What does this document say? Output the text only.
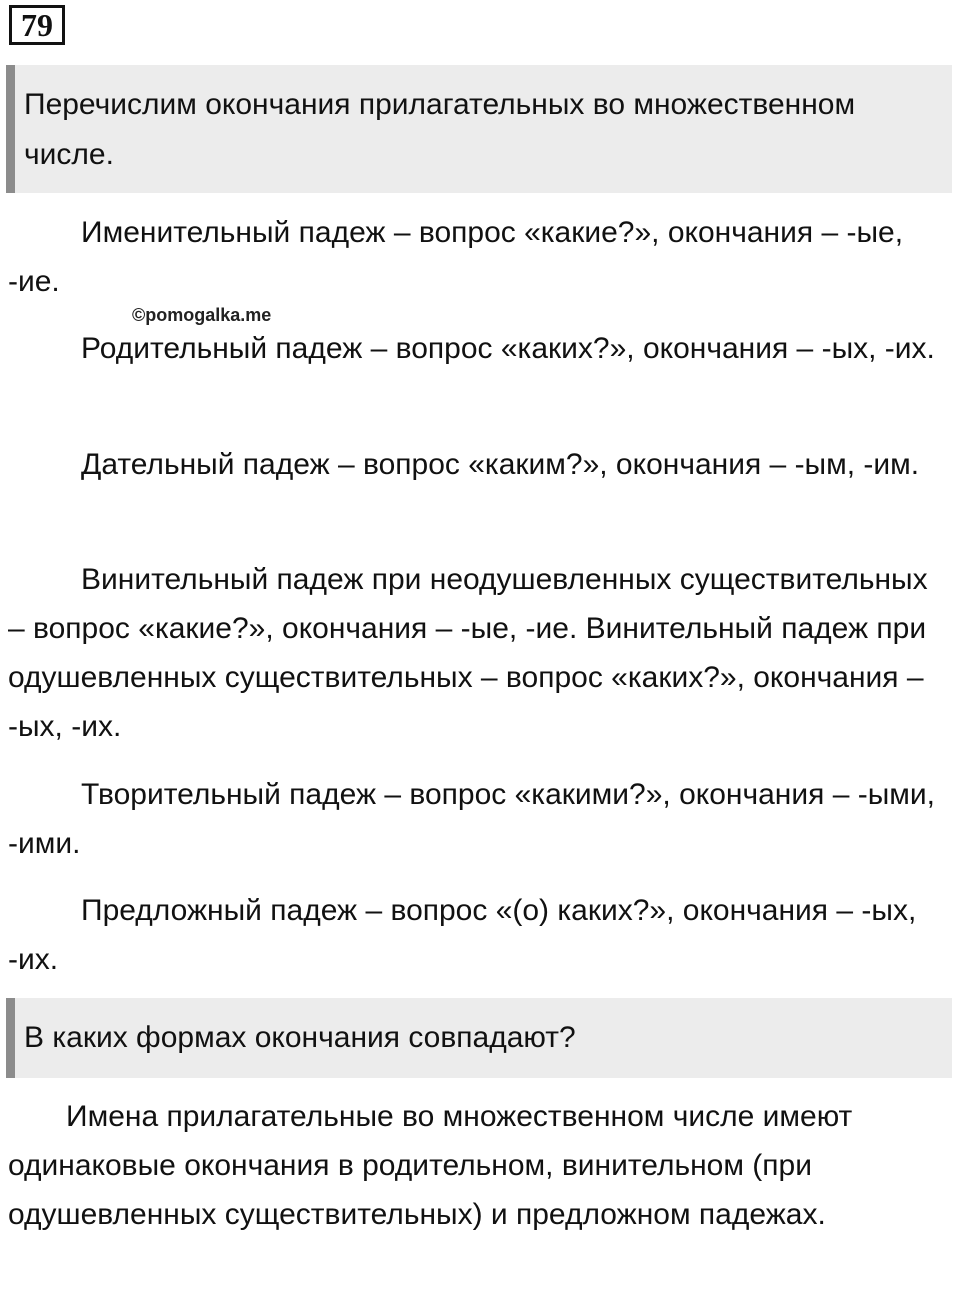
79
Перечислим окончания прилагательных во множественном числе.

Именительный падеж – вопрос «какие?», окончания – -ые, -ие.

©pomogalka.me

Родительный падеж – вопрос «каких?», окончания – -ых, -их.

Дательный падеж – вопрос «каким?», окончания – -ым, -им.

Винительный падеж при неодушевленных существительных – вопрос «какие?», окончания – -ые, -ие. Винительный падеж при одушевленных существительных – вопрос «каких?», окончания – -ых, -их.

Творительный падеж – вопрос «какими?», окончания – -ыми, -ими.

Предложный падеж – вопрос «(о) каких?», окончания – -ых, -их.

В каких формах окончания совпадают?

Имена прилагательные во множественном числе имеют одинаковые окончания в родительном, винительном (при одушевленных существительных) и предложном падежах.
